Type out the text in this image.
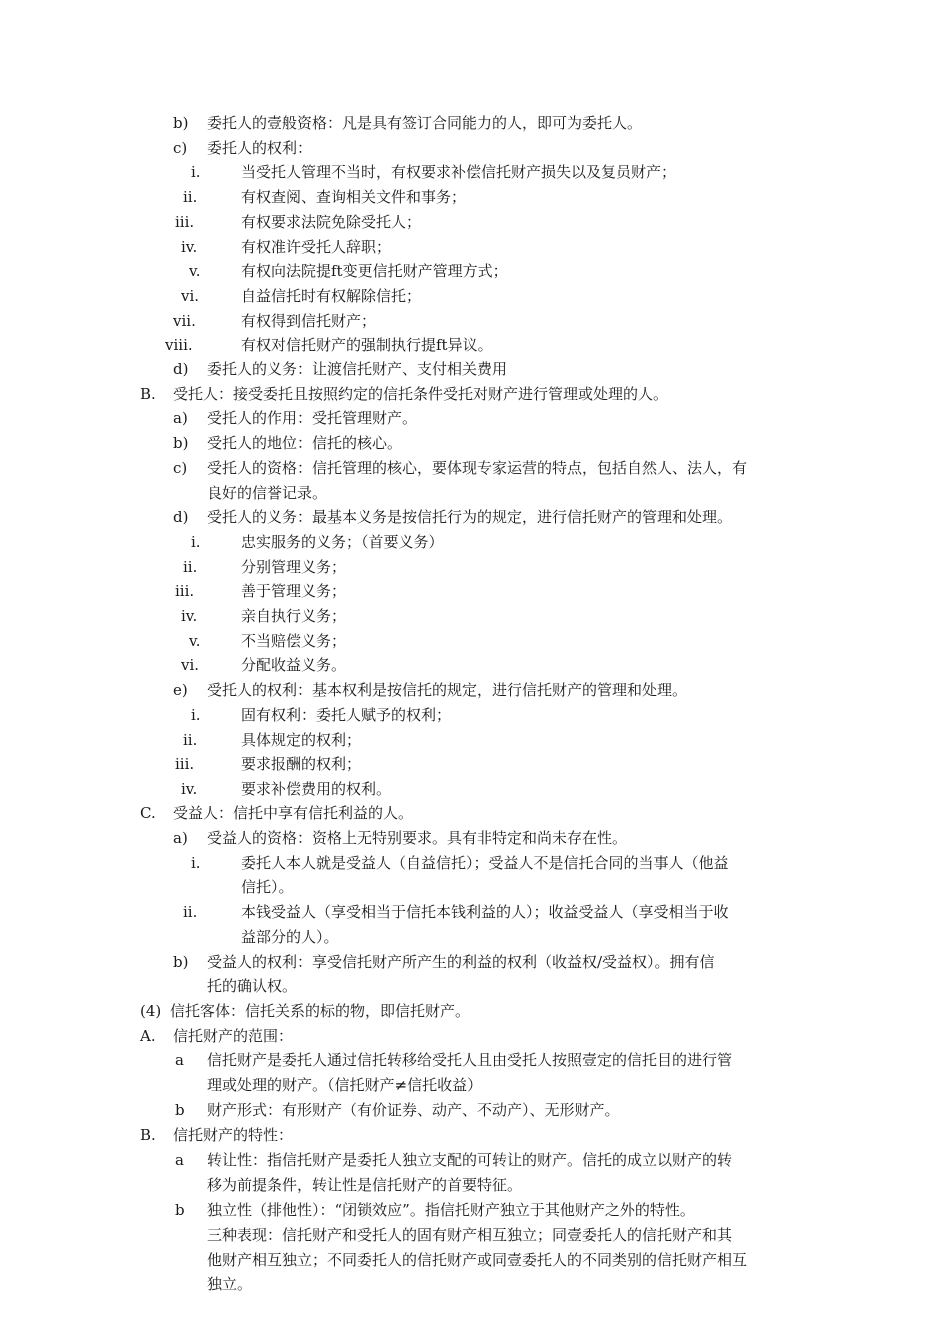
b) 委托人的壹般资格：凡是具有签订合同能力的人，即可为委托人。
c) 委托人的权利：
i.	当受托人管理不当时，有权要求补偿信托财产损失以及复员财产；
ii.	有权查阅、查询相关文件和事务；
iii.	有权要求法院免除受托人；
iv.	有权准许受托人辞职；
v.	有权向法院提ft变更信托财产管理方式；
vi.	自益信托时有权解除信托；
vii.	有权得到信托财产；
viii.	有权对信托财产的强制执行提ft异议。
d) 委托人的义务：让渡信托财产、支付相关费用
B. 受托人：接受委托且按照约定的信托条件受托对财产进行管理或处理的人。
a) 受托人的作用：受托管理财产。
b) 受托人的地位：信托的核心。
c) 受托人的资格：信托管理的核心，要体现专家运营的特点，包括自然人、法人，有
良好的信誉记录。
d) 受托人的义务：最基本义务是按信托行为的规定，进行信托财产的管理和处理。
i.	忠实服务的义务；（首要义务）
ii.	分别管理义务；
iii.	善于管理义务；
iv.	亲自执行义务；
v.	不当赔偿义务；
vi.	分配收益义务。
e) 受托人的权利：基本权利是按信托的规定，进行信托财产的管理和处理。
i.	固有权利：委托人赋予的权利；
ii.	具体规定的权利；
iii.	要求报酬的权利；
iv.	要求补偿费用的权利。
C. 受益人：信托中享有信托利益的人。
a) 受益人的资格：资格上无特别要求。具有非特定和尚未存在性。
i.	委托人本人就是受益人（自益信托）；受益人不是信托合同的当事人（他益
信托）。
ii.	本钱受益人（享受相当于信托本钱利益的人）；收益受益人（享受相当于收
益部分的人）。
b) 受益人的权利：享受信托财产所产生的利益的权利（收益权/受益权）。拥有信
托的确认权。
(4) 信托客体：信托关系的标的物，即信托财产。
A. 信托财产的范围：
a 信托财产是委托人通过信托转移给受托人且由受托人按照壹定的信托目的进行管
理或处理的财产。（信托财产≠信托收益）
b 财产形式：有形财产（有价证券、动产、不动产）、无形财产。
B. 信托财产的特性：
a 转让性：指信托财产是委托人独立支配的可转让的财产。信托的成立以财产的转
移为前提条件，转让性是信托财产的首要特征。
b 独立性（排他性）：“闭锁效应”。指信托财产独立于其他财产之外的特性。
三种表现：信托财产和受托人的固有财产相互独立；同壹委托人的信托财产和其
他财产相互独立；不同委托人的信托财产或同壹委托人的不同类别的信托财产相互
独立。
